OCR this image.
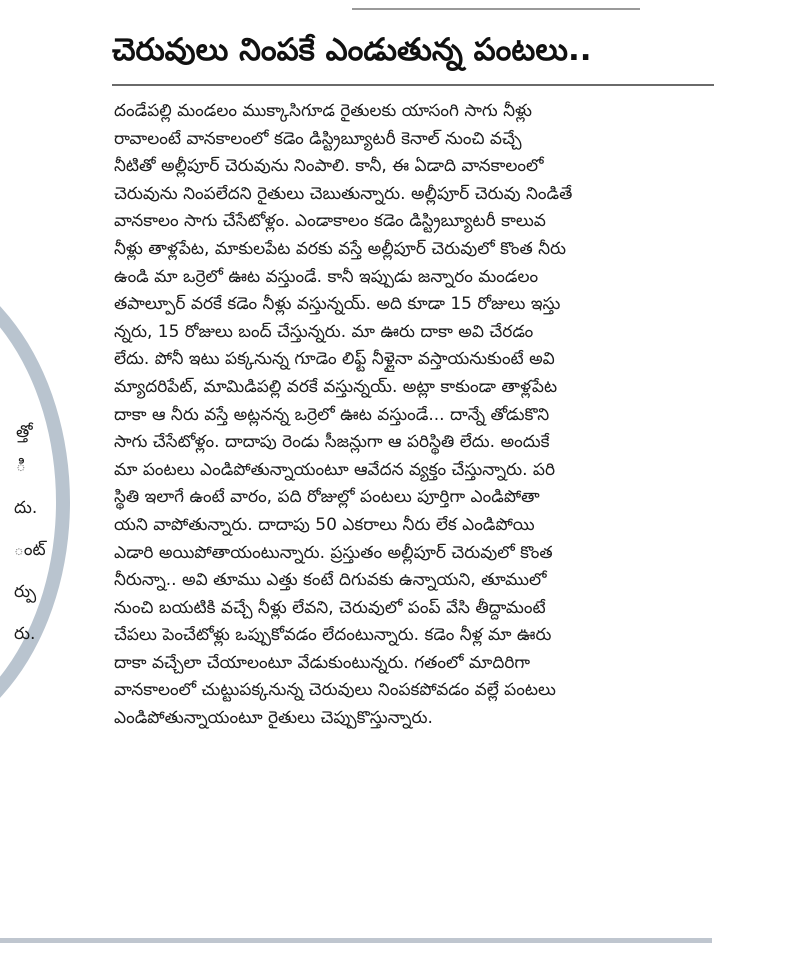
త్తో
ి
దు.
ంట్
ర్పు
రు.
చెరువులు నింపకే ఎండుతున్న పంటలు..
దండేపల్లి మండలం ముక్కాసిగూడ రైతులకు యాసంగి సాగు నీళ్లు
రావాలంటే వానకాలంలో కడెం డిస్ట్రిబ్యూటరీ కెనాల్ నుంచి వచ్చే
నీటితో అల్లీపూర్ చెరువును నింపాలి. కానీ, ఈ ఏడాది వానకాలంలో
చెరువును నింపలేదని రైతులు చెబుతున్నారు. అల్లీపూర్ చెరువు నిండితే
వానకాలం సాగు చేసేటోళ్లం. ఎండాకాలం కడెం డిస్ట్రిబ్యూటరీ కాలువ
నీళ్లు తాళ్లపేట, మాకులపేట వరకు వస్తే అల్లీపూర్ చెరువులో కొంత నీరు
ఉండి మా ఒర్రెలో ఊట వస్తుండే. కానీ ఇప్పుడు జన్నారం మండలం
తపాల్పూర్ వరకే కడెం నీళ్లు వస్తున్నయ్. అది కూడా 15 రోజులు ఇస్తు
న్నరు, 15 రోజులు బంద్ చేస్తున్నరు. మా ఊరు దాకా అవి చేరడం
లేదు. పోనీ ఇటు పక్కనున్న గూడెం లిఫ్ట్ నీళ్లైనా వస్తాయనుకుంటే అవి
మ్యాదరిపేట్, మామిడిపల్లి వరకే వస్తున్నయ్. అట్లా కాకుండా తాళ్లపేట
దాకా ఆ నీరు వస్తే అట్లనన్న ఒర్రెలో ఊట వస్తుండే... దాన్నే తోడుకొని
సాగు చేసేటోళ్లం. దాదాపు రెండు సీజన్లుగా ఆ పరిస్థితి లేదు. అందుకే
మా పంటలు ఎండిపోతున్నాయంటూ ఆవేదన వ్యక్తం చేస్తున్నారు. పరి
స్థితి ఇలాగే ఉంటే వారం, పది రోజుల్లో పంటలు పూర్తిగా ఎండిపోతా
యని వాపోతున్నారు. దాదాపు 50 ఎకరాలు నీరు లేక ఎండిపోయి
ఎడారి అయిపోతాయంటున్నారు. ప్రస్తుతం అల్లీపూర్ చెరువులో కొంత
నీరున్నా.. అవి తూము ఎత్తు కంటే దిగువకు ఉన్నాయని, తూములో
నుంచి బయటికి వచ్చే నీళ్లు లేవని, చెరువులో పంప్ వేసి తీద్దామంటే
చేపలు పెంచేటోళ్లు ఒప్పుకోవడం లేదంటున్నారు. కడెం నీళ్ల మా ఊరు
దాకా వచ్చేలా చేయాలంటూ వేడుకుంటున్నరు. గతంలో మాదిరిగా
వానకాలంలో చుట్టుపక్కనున్న చెరువులు నింపకపోవడం వల్లే పంటలు
ఎండిపోతున్నాయంటూ రైతులు చెప్పుకొస్తున్నారు.
